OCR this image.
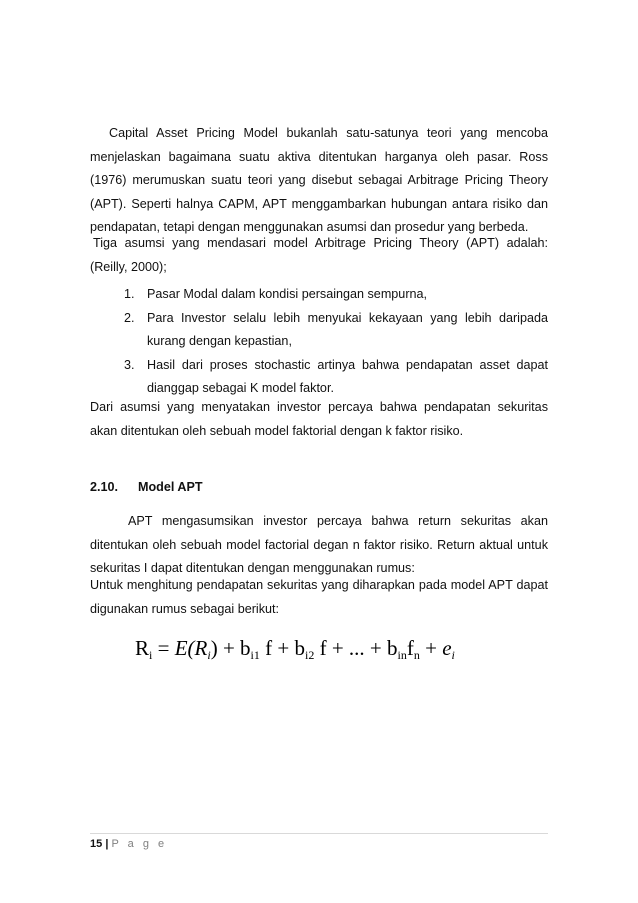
Capital Asset Pricing Model bukanlah satu-satunya teori yang mencoba menjelaskan bagaimana suatu aktiva ditentukan harganya oleh pasar. Ross (1976) merumuskan suatu teori yang disebut sebagai Arbitrage Pricing Theory (APT). Seperti halnya CAPM, APT menggambarkan hubungan antara risiko dan pendapatan, tetapi dengan menggunakan asumsi dan prosedur yang berbeda.

Tiga asumsi yang mendasari model Arbitrage Pricing Theory (APT) adalah: (Reilly, 2000);

1. Pasar Modal dalam kondisi persaingan sempurna,
2. Para Investor selalu lebih menyukai kekayaan yang lebih daripada kurang dengan kepastian,
3. Hasil dari proses stochastic artinya bahwa pendapatan asset dapat dianggap sebagai K model faktor.

Dari asumsi yang menyatakan investor percaya bahwa pendapatan sekuritas akan ditentukan oleh sebuah model faktorial dengan k faktor risiko.

2.10. Model APT

APT mengasumsikan investor percaya bahwa return sekuritas akan ditentukan oleh sebuah model factorial degan n faktor risiko. Return aktual untuk sekuritas I dapat ditentukan dengan menggunakan rumus:

Untuk menghitung pendapatan sekuritas yang diharapkan pada model APT dapat digunakan rumus sebagai berikut:

$R_i = E(R_i) + b_{i1}$ $f + b_{i2}$ f + ... + $b_{in}f_n + e_i$
15 | P a g e
